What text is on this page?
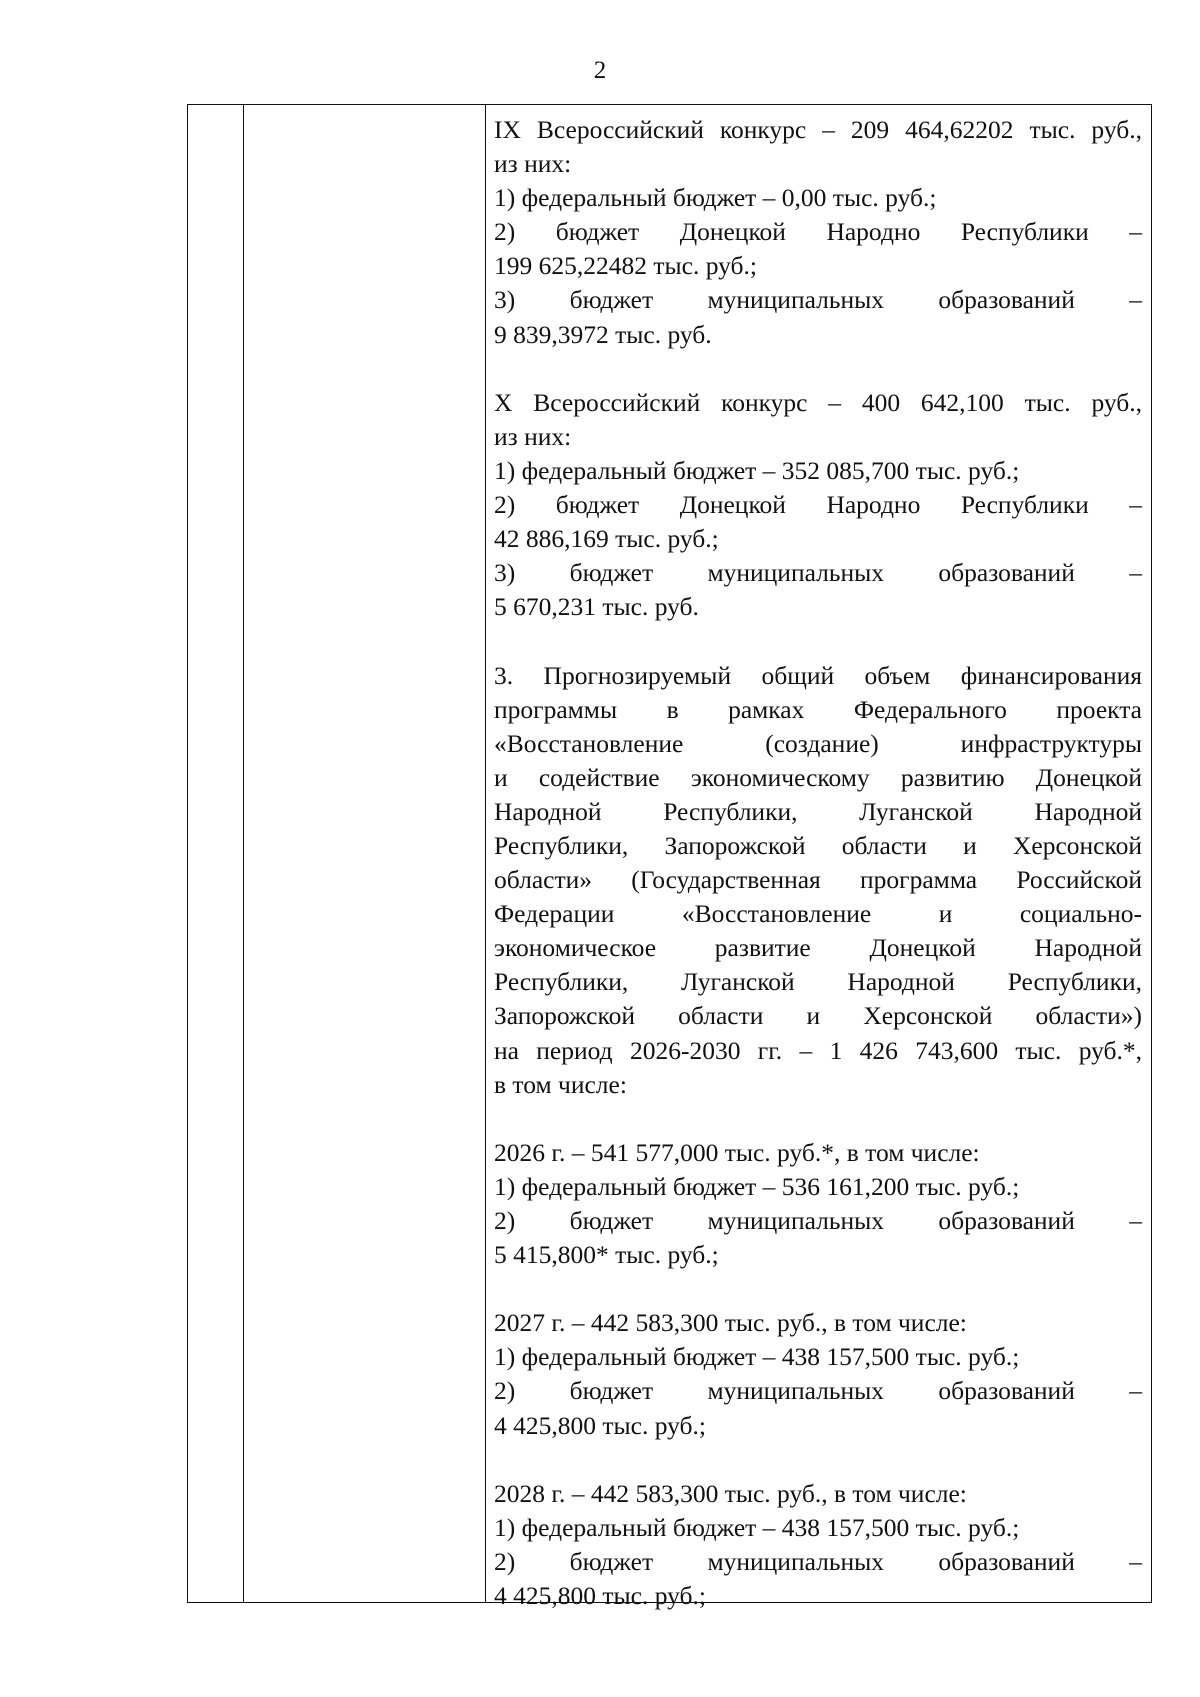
2
IX Всероссийский конкурс – 209 464,62202 тыс. руб.,
из них:
1) федеральный бюджет – 0,00 тыс. руб.;
2) бюджет Донецкой Народно Республики –
199 625,22482 тыс. руб.;
3) бюджет муниципальных образований –
9 839,3972 тыс. руб.
X Всероссийский конкурс – 400 642,100 тыс. руб.,
из них:
1) федеральный бюджет – 352 085,700 тыс. руб.;
2) бюджет Донецкой Народно Республики –
42 886,169 тыс. руб.;
3) бюджет муниципальных образований –
5 670,231 тыс. руб.
3. Прогнозируемый общий объем финансирования
программы в рамках Федерального проекта
«Восстановление (создание) инфраструктуры
и содействие экономическому развитию Донецкой
Народной Республики, Луганской Народной
Республики, Запорожской области и Херсонской
области» (Государственная программа Российской
Федерации «Восстановление и социально-
экономическое развитие Донецкой Народной
Республики, Луганской Народной Республики,
Запорожской области и Херсонской области»)
на период 2026-2030 гг. – 1 426 743,600 тыс. руб.*,
в том числе:
2026 г. – 541 577,000 тыс. руб.*, в том числе:
1) федеральный бюджет – 536 161,200 тыс. руб.;
2) бюджет муниципальных образований –
5 415,800* тыс. руб.;
2027 г. – 442 583,300 тыс. руб., в том числе:
1) федеральный бюджет – 438 157,500 тыс. руб.;
2) бюджет муниципальных образований –
4 425,800 тыс. руб.;
2028 г. – 442 583,300 тыс. руб., в том числе:
1) федеральный бюджет – 438 157,500 тыс. руб.;
2) бюджет муниципальных образований –
4 425,800 тыс. руб.;
